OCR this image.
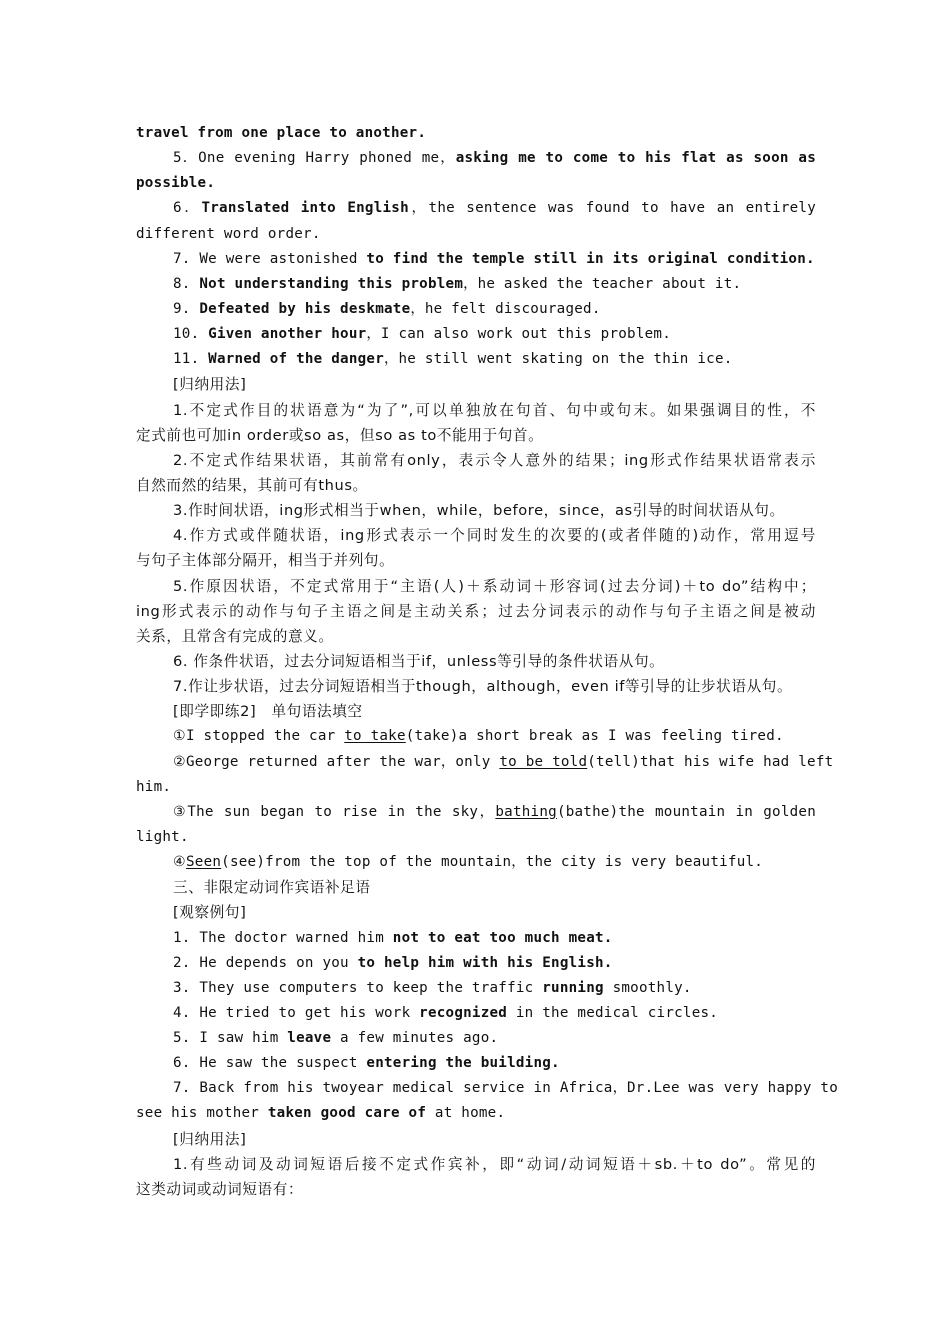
travel from one place to another.
5．One evening Harry phoned me，asking me to come to his flat as soon as
possible.
6．Translated into English，the sentence was found to have an entirely
different word order.
7. We were astonished to find the temple still in its original condition.
8. Not understanding this problem，he asked the teacher about it.
9. Defeated by his deskmate，he felt discouraged.
10. Given another hour，I can also work out this problem.
11. Warned of the danger，he still went skating on the thin ice.
[归纳用法]
1.不定式作目的状语意为“为了”,可以单独放在句首、句中或句末。如果强调目的性，不
定式前也可加in order或so as，但so as to不能用于句首。
2.不定式作结果状语，其前常有only，表示令人意外的结果；ing形式作结果状语常表示
自然而然的结果，其前可有thus。
3.作时间状语，ing形式相当于when，while，before，since，as引导的时间状语从句。
4.作方式或伴随状语，ing形式表示一个同时发生的次要的(或者伴随的)动作，常用逗号
与句子主体部分隔开，相当于并列句。
5.作原因状语，不定式常用于“主语(人)＋系动词＋形容词(过去分词)＋to do”结构中；
ing形式表示的动作与句子主语之间是主动关系；过去分词表示的动作与句子主语之间是被动
关系，且常含有完成的意义。
6. 作条件状语，过去分词短语相当于if，unless等引导的条件状语从句。
7.作让步状语，过去分词短语相当于though，although，even if等引导的让步状语从句。
[即学即练2]　单句语法填空
①I stopped the car to take(take)a short break as I was feeling tired.
②George returned after the war，only to be told(tell)that his wife had left
him.
③The sun began to rise in the sky，bathing(bathe)the mountain in golden
light.
④Seen(see)from the top of the mountain，the city is very beautiful.
三、非限定动词作宾语补足语
[观察例句]
1. The doctor warned him not to eat too much meat.
2. He depends on you to help him with his English.
3. They use computers to keep the traffic running smoothly.
4. He tried to get his work recognized in the medical circles.
5. I saw him leave a few minutes ago.
6. He saw the suspect entering the building.
7. Back from his twoyear medical service in Africa，Dr.Lee was very happy to
see his mother taken good care of at home.
[归纳用法]
1.有些动词及动词短语后接不定式作宾补，即“动词/动词短语＋sb.＋to do”。常见的
这类动词或动词短语有：
